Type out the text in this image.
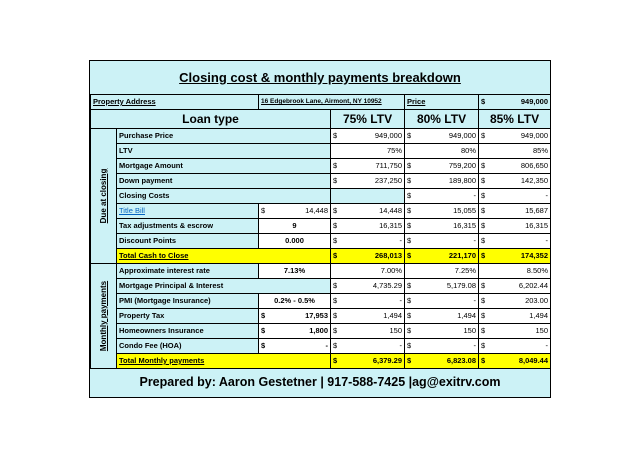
Closing cost & monthly payments breakdown
Property Address		16 Edgebrook Lane, Airmont, NY 10952		Price	$ 949,000

Loan type			75% LTV	80% LTV	85% LTV

Due at closing	Purchase Price		$ 949,000	$ 949,000	$ 949,000

	LTV		75%	80%	85%
	Mortgage Amount		$ 711,750	$ 759,200	$ 806,650

	Down payment		$ 237,250	$ 189,800	$ 142,350

	Closing Costs			$ -	$ -

	Title Bill	$ 14,448	$ 14,448	$ 15,055	$ 15,687

	Tax adjustments & escrow	9	$ 16,315	$ 16,315	$ 16,315

	Discount Points	0.000	$ -	$ -	$ -

	Total Cash to Close		$ 268,013	$ 221,170	$ 174,352

Monthly payments	Approximate interest rate	7.13%	7.00%	7.25%	8.50%
	Mortgage Principal & Interest		$ 4,735.29	$ 5,179.08	$ 6,202.44

	PMI (Mortgage Insurance)	0.2% - 0.5%	$ -	$ -	$ 203.00

	Property Tax	$ 17,953	$ 1,494	$ 1,494	$ 1,494

	Homeowners Insurance	$ 1,800	$ 150	$ 150	$ 150

	Condo Fee (HOA)	$ -	$ -	$ -	$ -

	Total Monthly payments		$ 6,379.29	$ 6,823.08	$ 8,049.44
Prepared by: Aaron Gestetner | 917-588-7425 |ag@exitrv.com
